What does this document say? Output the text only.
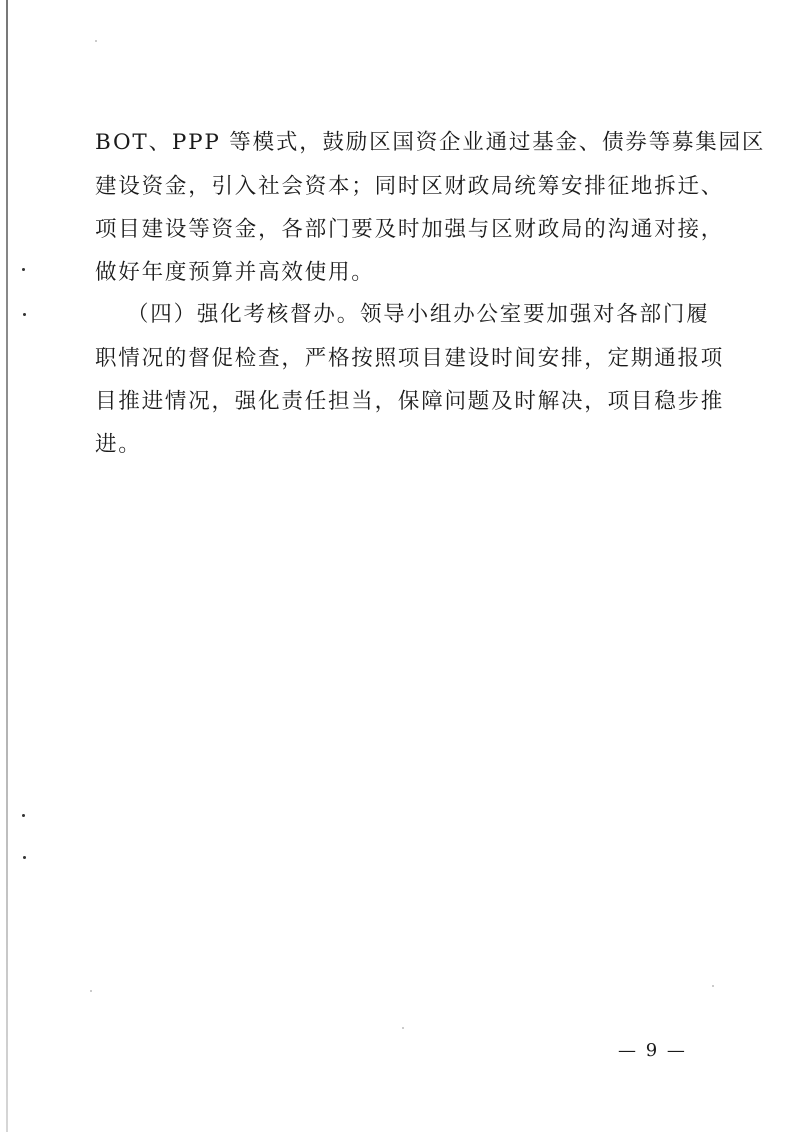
BOT、PPP 等模式，鼓励区国资企业通过基金、债券等募集园区
建设资金，引入社会资本；同时区财政局统筹安排征地拆迁、
项目建设等资金，各部门要及时加强与区财政局的沟通对接，
做好年度预算并高效使用。
（四）强化考核督办。领导小组办公室要加强对各部门履
职情况的督促检查，严格按照项目建设时间安排，定期通报项
目推进情况，强化责任担当，保障问题及时解决，项目稳步推
进。
— 9 —
